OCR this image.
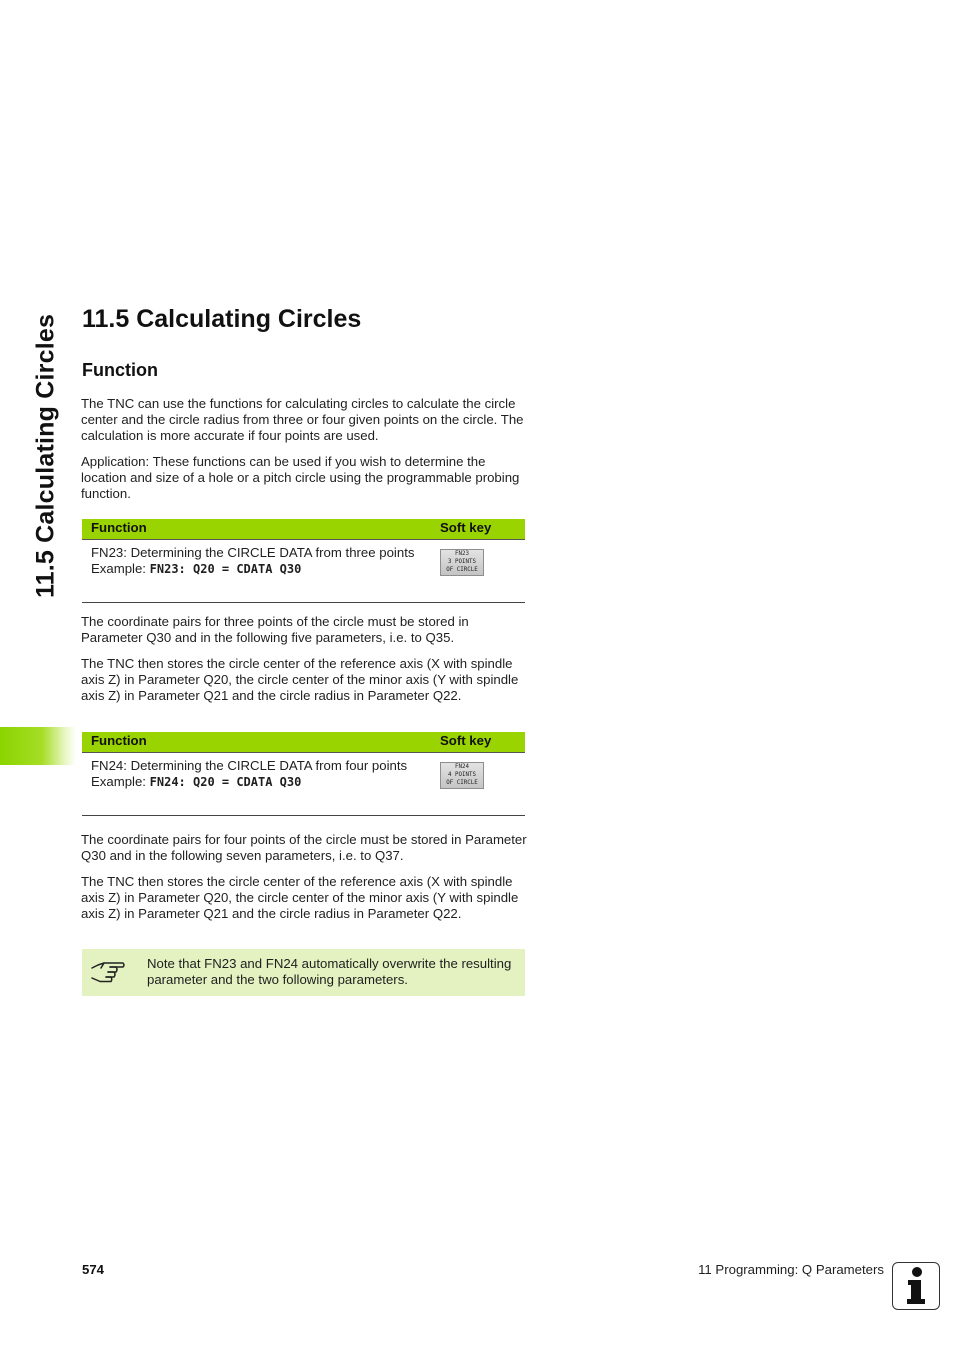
11.5 Calculating Circles 11.5 Calculating Circles
Function

The TNC can use the functions for calculating circles to calculate the circle center and the circle radius from three or four given points on the circle. The calculation is more accurate if four points are used.

Application: These functions can be used if you wish to determine the location and size of a hole or a pitch circle using the programmable probing function.

Function	Soft key
FN23: Determining the CIRCLE DATA from three points
Example: FN23: Q20 = CDATA Q30
FN23
3 POINTS
OF CIRCLE

The coordinate pairs for three points of the circle must be stored in Parameter Q30 and in the following five parameters, i.e. to Q35.

The TNC then stores the circle center of the reference axis (X with spindle axis Z) in Parameter Q20, the circle center of the minor axis (Y with spindle axis Z) in Parameter Q21 and the circle radius in Parameter Q22.

Function	Soft key
FN24: Determining the CIRCLE DATA from four points
Example: FN24: Q20 = CDATA Q30
FN24
4 POINTS
OF CIRCLE

The coordinate pairs for four points of the circle must be stored in Parameter Q30 and in the following seven parameters, i.e. to Q37.

The TNC then stores the circle center of the reference axis (X with spindle axis Z) in Parameter Q20, the circle center of the minor axis (Y with spindle axis Z) in Parameter Q21 and the circle radius in Parameter Q22.

Note that FN23 and FN24 automatically overwrite the resulting parameter and the two following parameters.
574	11 Programming: Q Parameters
